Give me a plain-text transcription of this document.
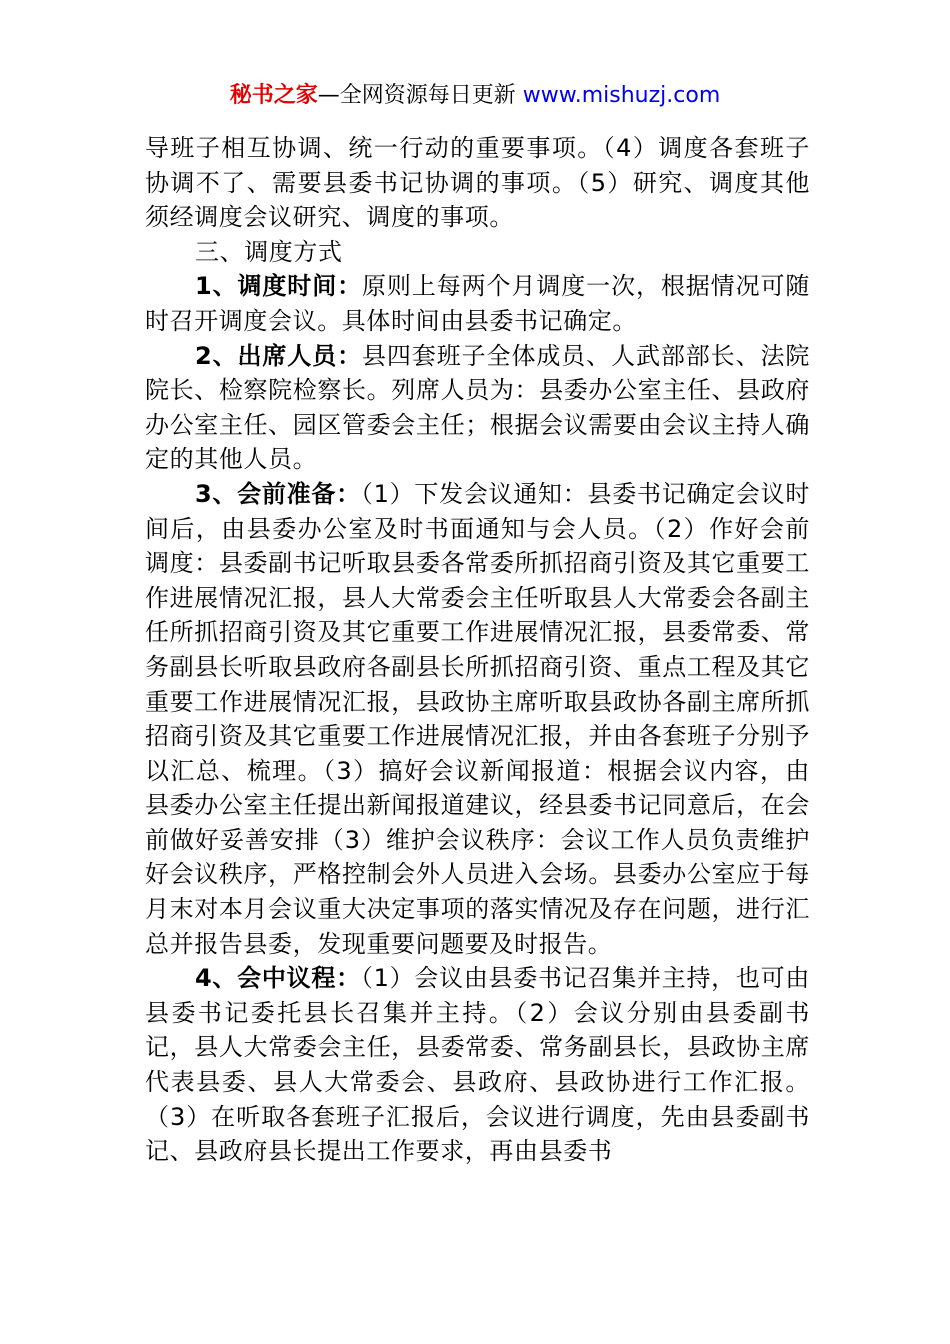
秘书之家—全网资源每日更新 www.mishuzj.com

导班子相互协调、统一行动的重要事项。（4）调度各套班子协调不了、需要县委书记协调的事项。（5）研究、调度其他须经调度会议研究、调度的事项。

三、调度方式

1、调度时间：原则上每两个月调度一次，根据情况可随时召开调度会议。具体时间由县委书记确定。

2、出席人员：县四套班子全体成员、人武部部长、法院院长、检察院检察长。列席人员为：县委办公室主任、县政府办公室主任、园区管委会主任；根据会议需要由会议主持人确定的其他人员。

3、会前准备：（1）下发会议通知：县委书记确定会议时间后，由县委办公室及时书面通知与会人员。（2）作好会前调度：县委副书记听取县委各常委所抓招商引资及其它重要工作进展情况汇报，县人大常委会主任听取县人大常委会各副主任所抓招商引资及其它重要工作进展情况汇报，县委常委、常务副县长听取县政府各副县长所抓招商引资、重点工程及其它重要工作进展情况汇报，县政协主席听取县政协各副主席所抓招商引资及其它重要工作进展情况汇报，并由各套班子分别予以汇总、梳理。（3）搞好会议新闻报道：根据会议内容，由县委办公室主任提出新闻报道建议，经县委书记同意后，在会前做好妥善安排（3）维护会议秩序：会议工作人员负责维护好会议秩序，严格控制会外人员进入会场。县委办公室应于每月末对本月会议重大决定事项的落实情况及存在问题，进行汇总并报告县委，发现重要问题要及时报告。

4、会中议程：（1）会议由县委书记召集并主持，也可由县委书记委托县长召集并主持。（2）会议分别由县委副书记，县人大常委会主任，县委常委、常务副县长，县政协主席代表县委、县人大常委会、县政府、县政协进行工作汇报。（3）在听取各套班子汇报后，会议进行调度，先由县委副书记、县政府县长提出工作要求，再由县委书
